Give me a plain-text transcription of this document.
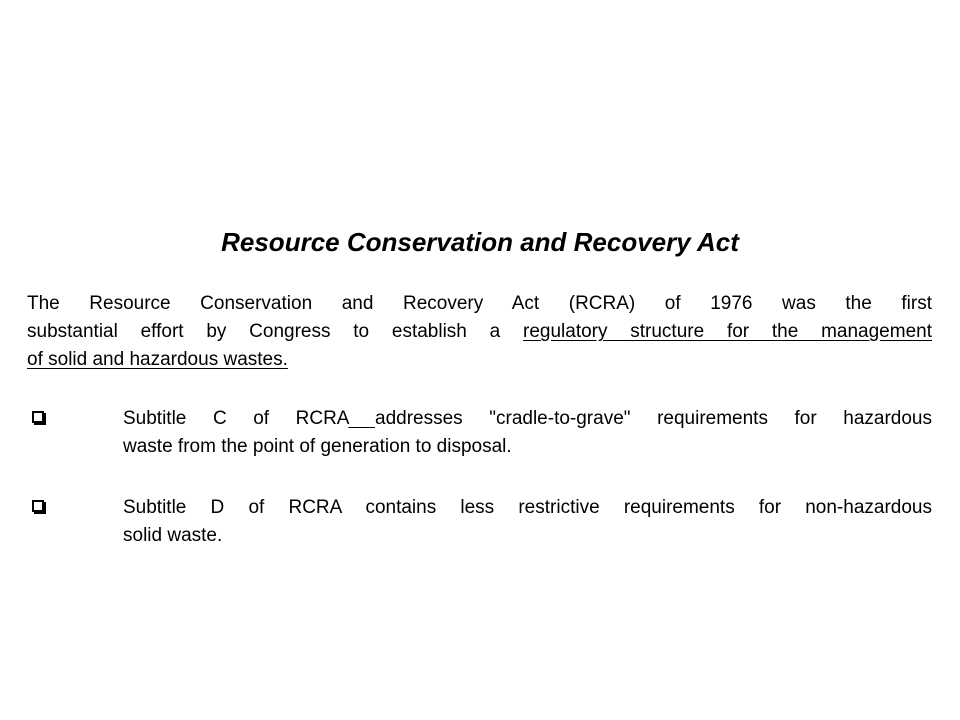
Resource Conservation and Recovery Act
The Resource Conservation and Recovery Act (RCRA) of 1976 was the first
substantial effort by Congress to establish a regulatory structure for the management
of solid and hazardous wastes.
Subtitle C of RCRA addresses "cradle-to-grave" requirements for hazardous
waste from the point of generation to disposal.
Subtitle D of RCRA contains less restrictive requirements for non-hazardous
solid waste.
